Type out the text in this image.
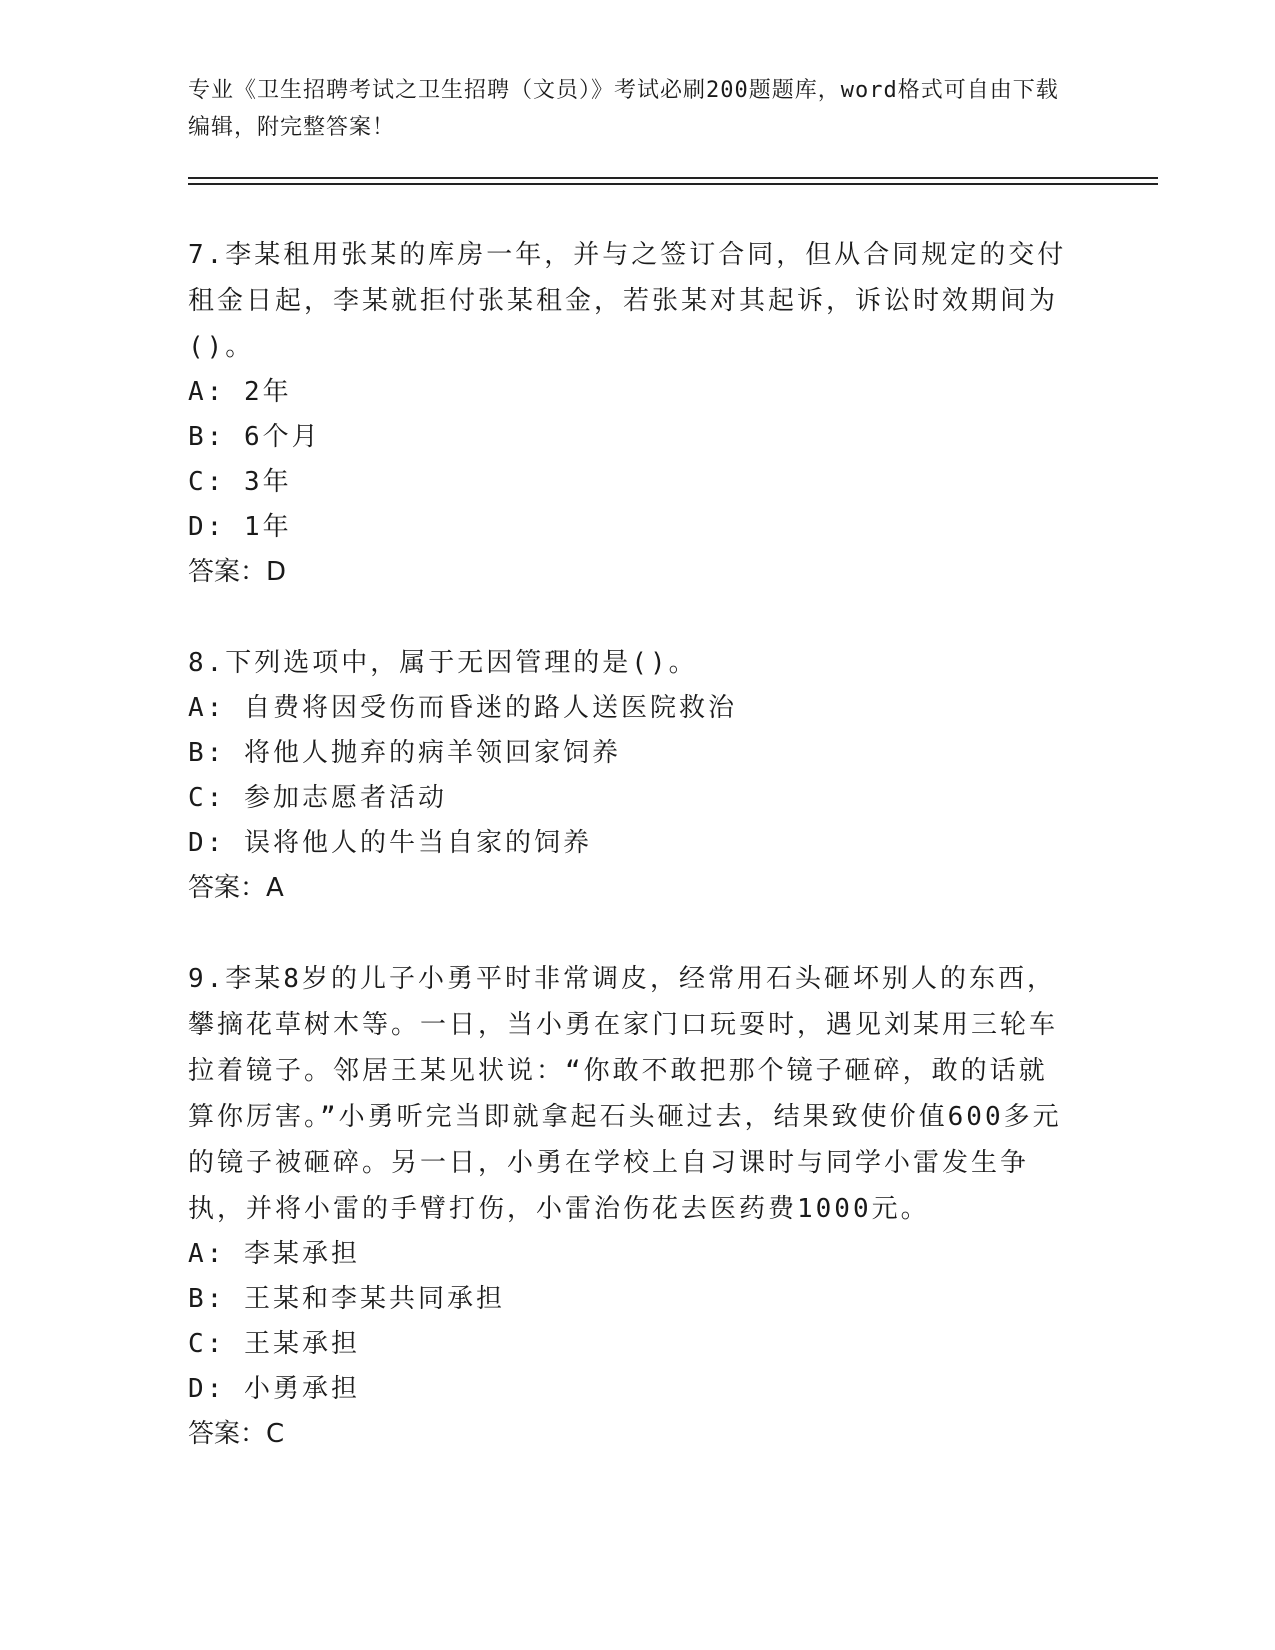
专业《卫生招聘考试之卫生招聘（文员）》考试必刷200题题库，word格式可自由下载编辑，附完整答案！

7.李某租用张某的库房一年，并与之签订合同，但从合同规定的交付租金日起，李某就拒付张某租金，若张某对其起诉，诉讼时效期间为()。

A: 2年

B: 6个月

C: 3年

D: 1年

答案：D

8.下列选项中，属于无因管理的是()。

A: 自费将因受伤而昏迷的路人送医院救治

B: 将他人抛弃的病羊领回家饲养

C: 参加志愿者活动

D: 误将他人的牛当自家的饲养

答案：A

9.李某8岁的儿子小勇平时非常调皮，经常用石头砸坏别人的东西，攀摘花草树木等。一日，当小勇在家门口玩耍时，遇见刘某用三轮车拉着镜子。邻居王某见状说：“你敢不敢把那个镜子砸碎，敢的话就算你厉害。”小勇听完当即就拿起石头砸过去，结果致使价值600多元的镜子被砸碎。另一日，小勇在学校上自习课时与同学小雷发生争执，并将小雷的手臂打伤，小雷治伤花去医药费1000元。

A: 李某承担

B: 王某和李某共同承担

C: 王某承担

D: 小勇承担

答案：C
